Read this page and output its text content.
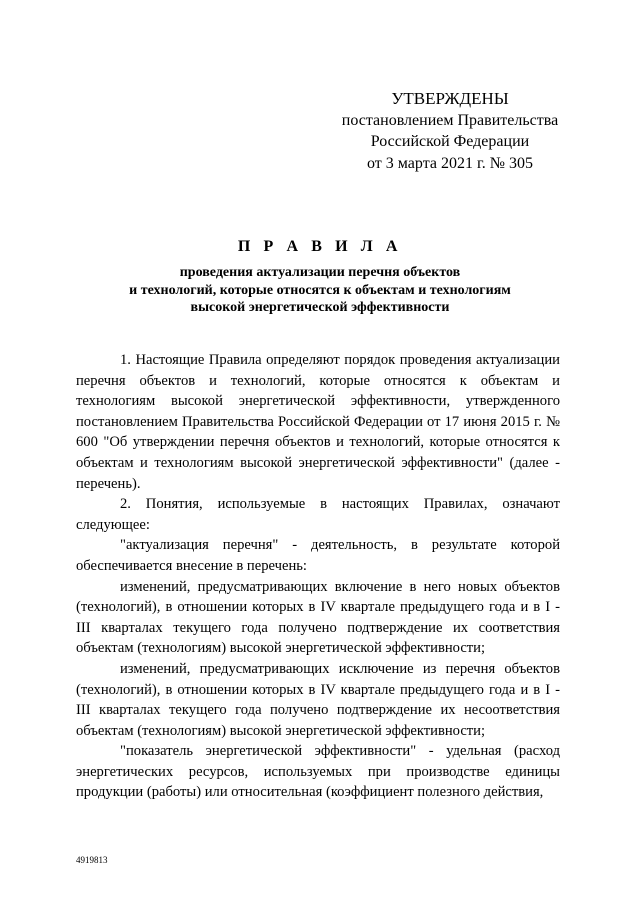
УТВЕРЖДЕНЫ
постановлением Правительства
Российской Федерации
от 3 марта 2021 г. № 305
П Р А В И Л А
проведения актуализации перечня объектов
и технологий, которые относятся к объектам и технологиям
высокой энергетической эффективности

1. Настоящие Правила определяют порядок проведения актуализации перечня объектов и технологий, которые относятся к объектам и технологиям высокой энергетической эффективности, утвержденного постановлением Правительства Российской Федерации от 17 июня 2015 г. № 600 "Об утверждении перечня объектов и технологий, которые относятся к объектам и технологиям высокой энергетической эффективности" (далее - перечень).

2. Понятия, используемые в настоящих Правилах, означают следующее:

"актуализация перечня" - деятельность, в результате которой обеспечивается внесение в перечень:

изменений, предусматривающих включение в него новых объектов (технологий), в отношении которых в IV квартале предыдущего года и в I - III кварталах текущего года получено подтверждение их соответствия объектам (технологиям) высокой энергетической эффективности;

изменений, предусматривающих исключение из перечня объектов (технологий), в отношении которых в IV квартале предыдущего года и в I - III кварталах текущего года получено подтверждение их несоответствия объектам (технологиям) высокой энергетической эффективности;

"показатель энергетической эффективности" - удельная (расход энергетических ресурсов, используемых при производстве единицы продукции (работы) или относительная (коэффициент полезного действия,

4919813
